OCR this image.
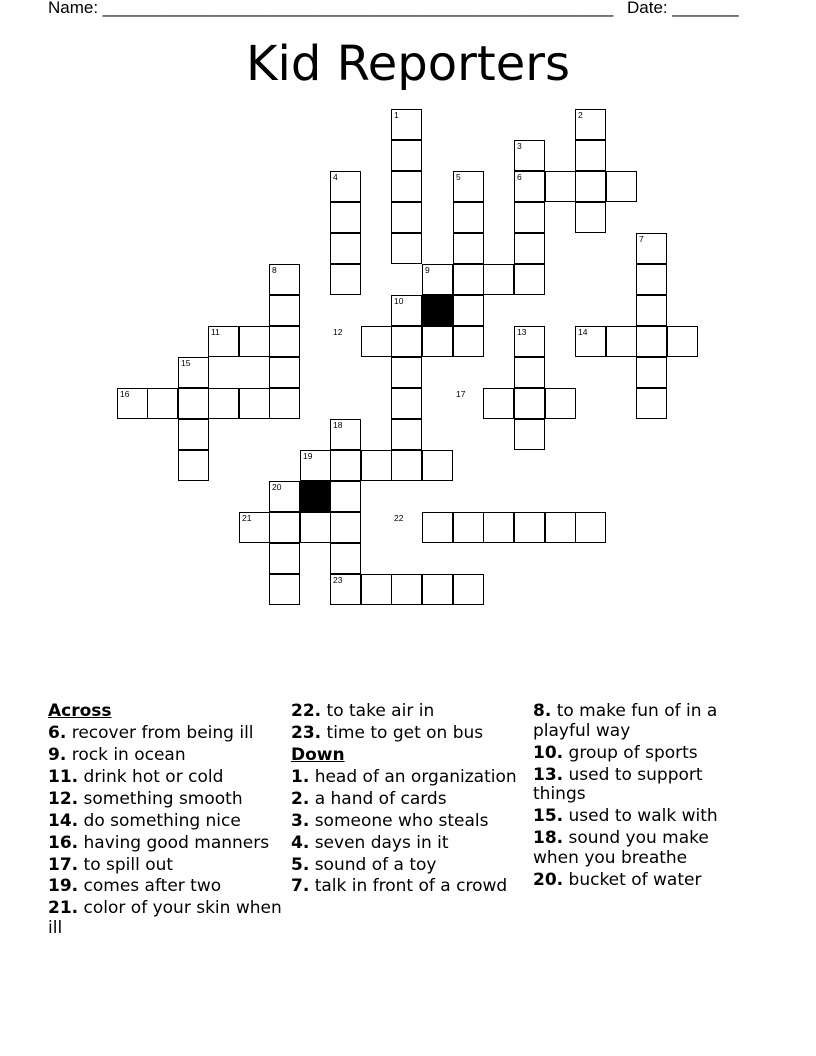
Name: ______________________________________________________ Date: _______
Kid Reporters
1	2
3
4	5	6
7
8	9
10
11	12	13	14
15
16	17
18
19
20
21	22
23
Across
6. recover from being ill
9. rock in ocean
11. drink hot or cold
12. something smooth
14. do something nice
16. having good manners
17. to spill out
19. comes after two
21. color of your skin when ill
22. to take air in
23. time to get on bus
Down
1. head of an organization
2. a hand of cards
3. someone who steals
4. seven days in it
5. sound of a toy
7. talk in front of a crowd
8. to make fun of in a playful way
10. group of sports
13. used to support things
15. used to walk with
18. sound you make when you breathe
20. bucket of water
